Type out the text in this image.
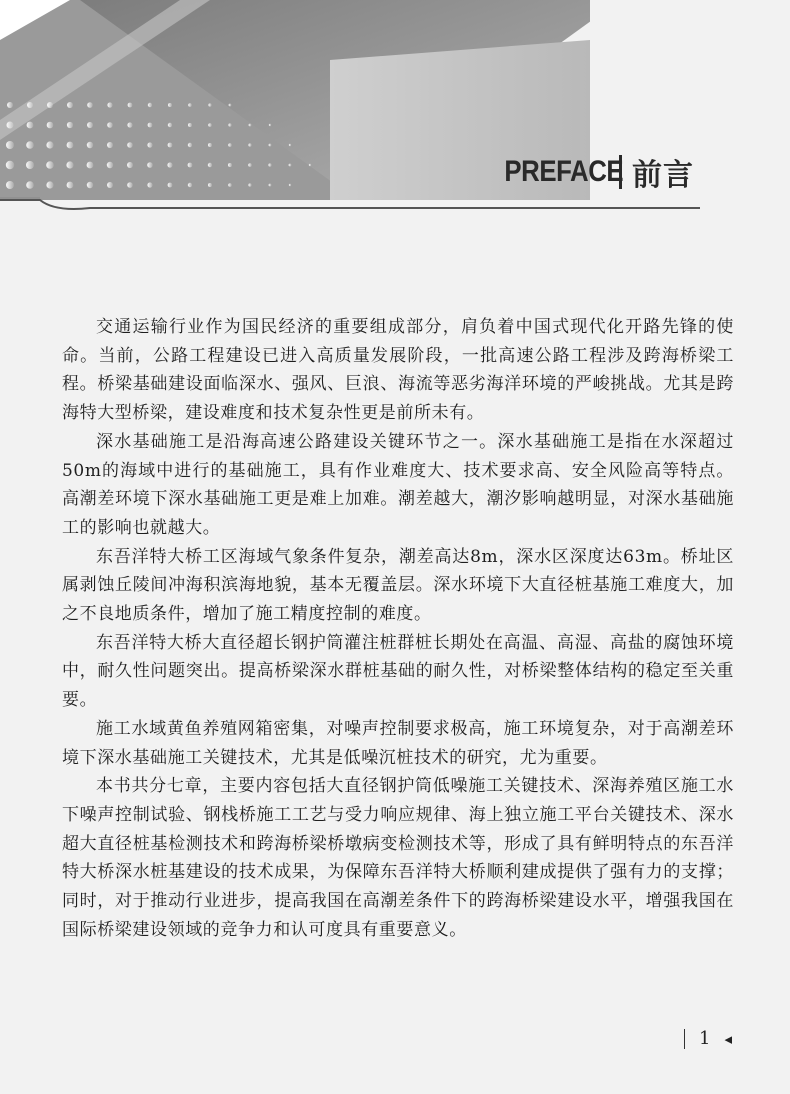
PREFACE 前言

交通运输行业作为国民经济的重要组成部分，肩负着中国式现代化开路先锋的使命。当前，公路工程建设已进入高质量发展阶段，一批高速公路工程涉及跨海桥梁工程。桥梁基础建设面临深水、强风、巨浪、海流等恶劣海洋环境的严峻挑战。尤其是跨海特大型桥梁，建设难度和技术复杂性更是前所未有。

深水基础施工是沿海高速公路建设关键环节之一。深水基础施工是指在水深超过50m的海域中进行的基础施工，具有作业难度大、技术要求高、安全风险高等特点。高潮差环境下深水基础施工更是难上加难。潮差越大，潮汐影响越明显，对深水基础施工的影响也就越大。

东吾洋特大桥工区海域气象条件复杂，潮差高达8m，深水区深度达63m。桥址区属剥蚀丘陵间冲海积滨海地貌，基本无覆盖层。深水环境下大直径桩基施工难度大，加之不良地质条件，增加了施工精度控制的难度。

东吾洋特大桥大直径超长钢护筒灌注桩群桩长期处在高温、高湿、高盐的腐蚀环境中，耐久性问题突出。提高桥梁深水群桩基础的耐久性，对桥梁整体结构的稳定至关重要。

施工水域黄鱼养殖网箱密集，对噪声控制要求极高，施工环境复杂，对于高潮差环境下深水基础施工关键技术，尤其是低噪沉桩技术的研究，尤为重要。

本书共分七章，主要内容包括大直径钢护筒低噪施工关键技术、深海养殖区施工水下噪声控制试验、钢栈桥施工工艺与受力响应规律、海上独立施工平台关键技术、深水超大直径桩基检测技术和跨海桥梁桥墩病变检测技术等，形成了具有鲜明特点的东吾洋特大桥深水桩基建设的技术成果，为保障东吾洋特大桥顺利建成提供了强有力的支撑；同时，对于推动行业进步，提高我国在高潮差条件下的跨海桥梁建设水平，增强我国在国际桥梁建设领域的竞争力和认可度具有重要意义。

1 ◂
